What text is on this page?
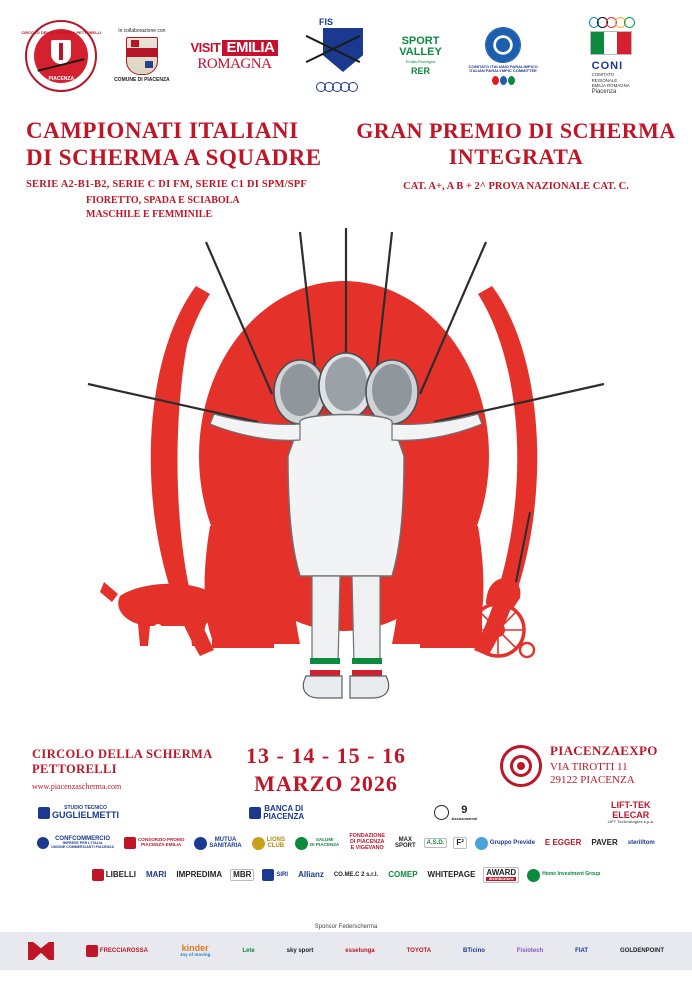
CIRCOLO DELLA SCHERMA PETTORELLI
PIACENZA
In collaborazione con
COMUNE DI PIACENZA
VISIT EMILIA
ROMAGNA
FIS
SPORT
VALLEY
Emilia-Romagna
RER	COMITATO ITALIANO PARALIMPICO
ITALIAN PARALYMPIC COMMITTEE	CONI
COMITATO
REGIONALE
EMILIA ROMAGNA
Piacenza
CAMPIONATI ITALIANI
DI SCHERMA A SQUADRE
SERIE A2-B1-B2, SERIE C DI FM, SERIE C1 DI SPM/SPF
FIORETTO, SPADA E SCIABOLA
MASCHILE E FEMMINILE
GRAN PREMIO DI SCHERMA
INTEGRATA
CAT. A+, A B + 2^ PROVA NAZIONALE CAT. C.
CIRCOLO DELLA SCHERMA
PETTORELLI
www.piacenzascherma.com
13 - 14 - 15 - 16
MARZO 2026
PIACENZAEXPO
VIA TIROTTI 11
29122 PIACENZA
STUDIO TECNICO
GUGLIELMETTI
BANCA DI
PIACENZA
9
Assicurazioni
LIFT-TEK
ELECAR
LIFT Technologies s.p.a.
CONFCOMMERCIO
IMPRESE PER L'ITALIA
UNIONE COMMERCIANTI PIACENZA
CONSORZIO PROMO
PIACENZA EMILIA
MUTUA
SANITARIA
LIONS
CLUB
SALUMI
DI PIACENZA
FONDAZIONE
DI PIACENZA
E VIGEVANO
MAX
SPORT
A.S.D. F²	Gruppo Previde E EGGER PAVER sterilltom
LIBELLI MARI IMPREDIMA MBR	SIRI Allianz CO.ME.C 2 s.r.l. COMEP WHITEPAGE AWARD
distribuzione
Home Investment Group
Sponsor Federscherma
FRECCIAROSSA	kinder
Joy of moving
Lete	sky sport	esselunga	TOYOTA	BTicino	Fisiotech	FIAT	GOLDENPOINT
